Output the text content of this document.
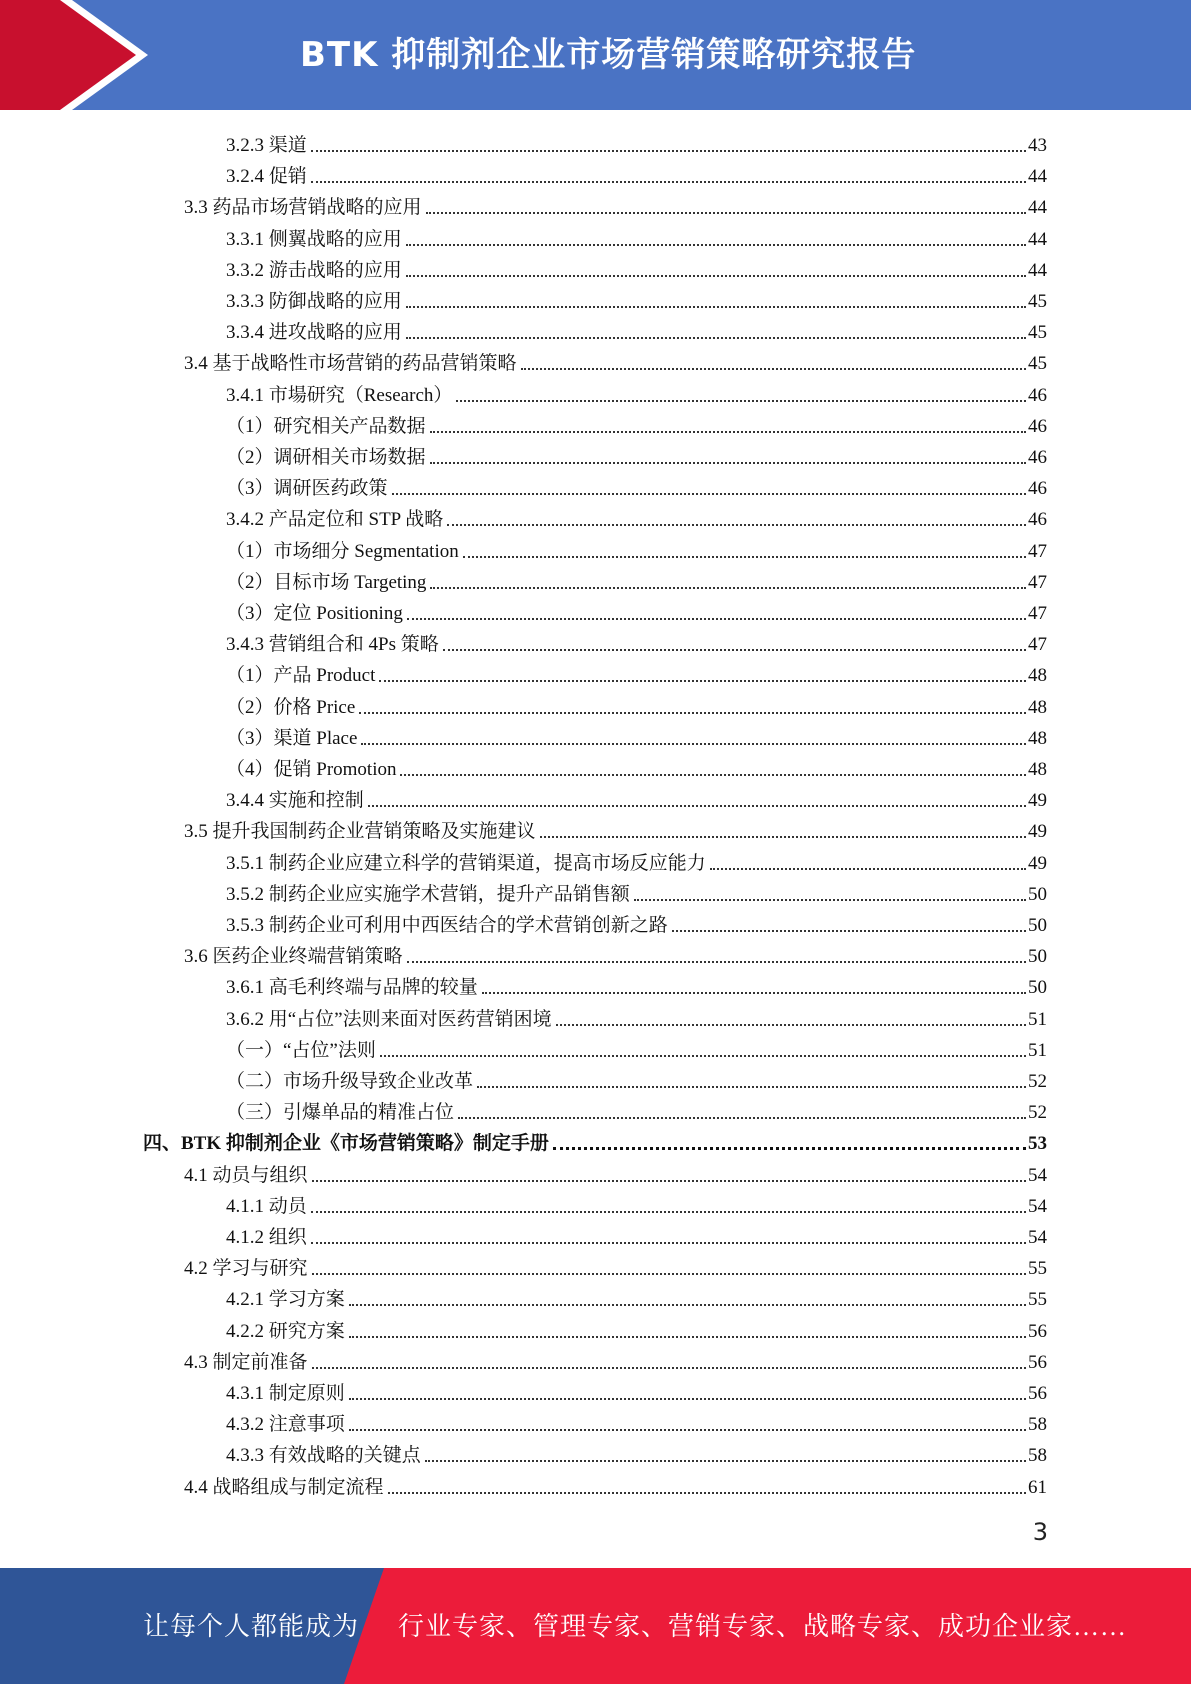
BTK 抑制剂企业市场营销策略研究报告
3.2.3 渠道	43
3.2.4 促销	44
3.3 药品市场营销战略的应用	44
3.3.1 侧翼战略的应用	44
3.3.2 游击战略的应用	44
3.3.3 防御战略的应用	45
3.3.4 进攻战略的应用	45
3.4 基于战略性市场营销的药品营销策略	45
3.4.1 市場研究（Research）	46
（1）研究相关产品数据	46
（2）调研相关市场数据	46
（3）调研医药政策	46
3.4.2 产品定位和 STP 战略	46
（1）市场细分 Segmentation	47
（2）目标市场 Targeting	47
（3）定位 Positioning	47
3.4.3 营销组合和 4Ps 策略	47
（1）产品 Product	48
（2）价格 Price	48
（3）渠道 Place	48
（4）促销 Promotion	48
3.4.4 实施和控制	49
3.5 提升我国制药企业营销策略及实施建议	49
3.5.1 制药企业应建立科学的营销渠道，提高市场反应能力	49
3.5.2 制药企业应实施学术营销，提升产品销售额	50
3.5.3 制药企业可利用中西医结合的学术营销创新之路	50
3.6 医药企业终端营销策略	50
3.6.1 高毛利终端与品牌的较量	50
3.6.2 用“占位”法则来面对医药营销困境	51
（一）“占位”法则	51
（二）市场升级导致企业改革	52
（三）引爆单品的精准占位	52
四、BTK 抑制剂企业《市场营销策略》制定手册	53
4.1 动员与组织	54
4.1.1 动员	54
4.1.2 组织	54
4.2 学习与研究	55
4.2.1 学习方案	55
4.2.2 研究方案	56
4.3 制定前准备	56
4.3.1 制定原则	56
4.3.2 注意事项	58
4.3.3 有效战略的关键点	58
4.4 战略组成与制定流程	61
3
让每个人都能成为 行业专家、管理专家、营销专家、战略专家、成功企业家……
